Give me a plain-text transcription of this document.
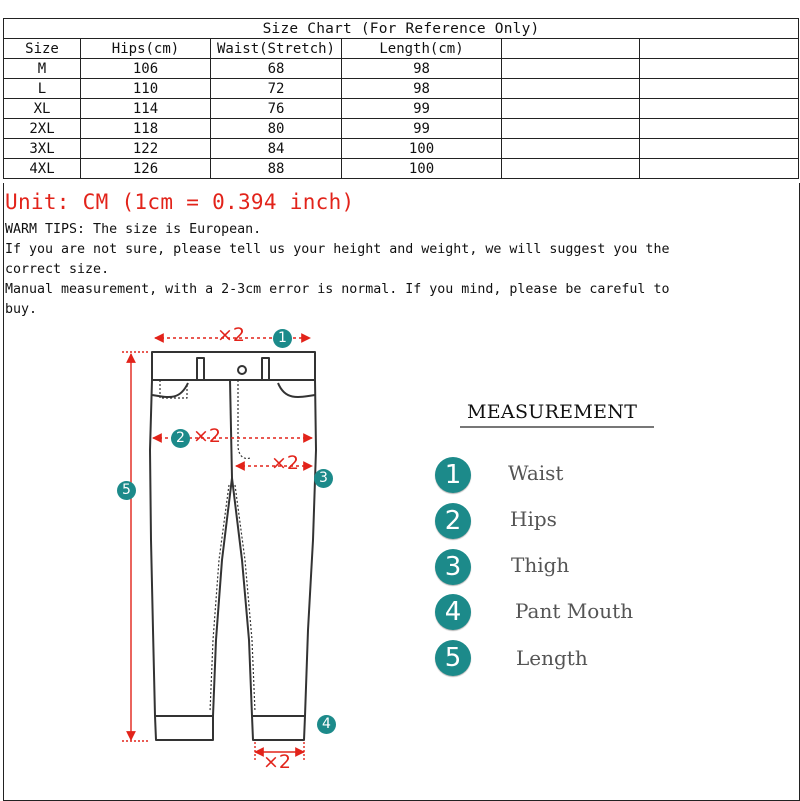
Size Chart (For Reference Only)					
Size	Hips(cm)	Waist(Stretch)	Length(cm)		
M	106	68	98		
L	110	72	98		
XL	114	76	99		
2XL	118	80	99		
3XL	122	84	100		
4XL	126	88	100		
Unit: CM (1cm = 0.394 inch)
WARM TIPS: The size is European.
If you are not sure, please tell us your height and weight, we will suggest you the
correct size.
Manual measurement, with a 2-3cm error is normal. If you mind, please be careful to
buy.
×2
×2
×2
×2
1
2
3
4
5
MEASUREMENT
1	Waist
2	Hips
3	Thigh
4	Pant Mouth
5	Length
